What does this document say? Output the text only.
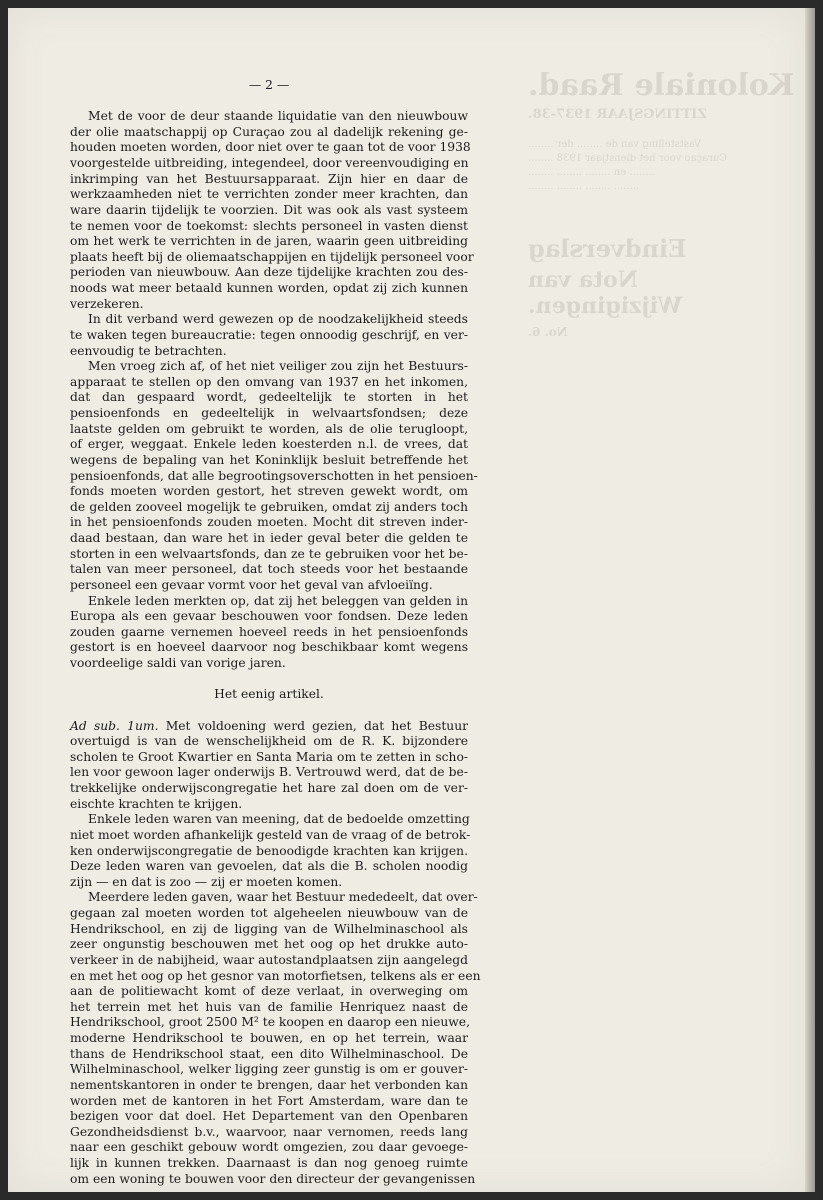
Koloniale Raad.
ZITTINGSJAAR 1937-38.
Vaststelling van de ........ der ........
Curaçao voor het dienstjaar 1938 ........
........ en ........ ........ ........
........ ........ ........ ........
Eindverslag
Nota van Wijzigingen.
No. 6.
— 2 —
Met de voor de deur staande liquidatie van den nieuwbouw
der olie maatschappij op Curaçao zou al dadelijk rekening ge-
houden moeten worden, door niet over te gaan tot de voor 1938
voorgestelde uitbreiding, integendeel, door vereenvoudiging en
inkrimping van het Bestuursapparaat. Zijn hier en daar de
werkzaamheden niet te verrichten zonder meer krachten, dan
ware daarin tijdelijk te voorzien. Dit was ook als vast systeem
te nemen voor de toekomst: slechts personeel in vasten dienst
om het werk te verrichten in de jaren, waarin geen uitbreiding
plaats heeft bij de oliemaatschappijen en tijdelijk personeel voor
perioden van nieuwbouw. Aan deze tijdelijke krachten zou des-
noods wat meer betaald kunnen worden, opdat zij zich kunnen
verzekeren.
In dit verband werd gewezen op de noodzakelijkheid steeds
te waken tegen bureaucratie: tegen onnoodig geschrijf, en ver-
eenvoudig te betrachten.
Men vroeg zich af, of het niet veiliger zou zijn het Bestuurs-
apparaat te stellen op den omvang van 1937 en het inkomen,
dat dan gespaard wordt, gedeeltelijk te storten in het
pensioenfonds en gedeeltelijk in welvaartsfondsen; deze
laatste gelden om gebruikt te worden, als de olie terugloopt,
of erger, weggaat. Enkele leden koesterden n.l. de vrees, dat
wegens de bepaling van het Koninklijk besluit betreffende het
pensioenfonds, dat alle begrootingsoverschotten in het pensioen-
fonds moeten worden gestort, het streven gewekt wordt, om
de gelden zooveel mogelijk te gebruiken, omdat zij anders toch
in het pensioenfonds zouden moeten. Mocht dit streven inder-
daad bestaan, dan ware het in ieder geval beter die gelden te
storten in een welvaartsfonds, dan ze te gebruiken voor het be-
talen van meer personeel, dat toch steeds voor het bestaande
personeel een gevaar vormt voor het geval van afvloeiïng.
Enkele leden merkten op, dat zij het beleggen van gelden in
Europa als een gevaar beschouwen voor fondsen. Deze leden
zouden gaarne vernemen hoeveel reeds in het pensioenfonds
gestort is en hoeveel daarvoor nog beschikbaar komt wegens
voordeelige saldi van vorige jaren.
Het eenig artikel.
Ad sub. 1um. Met voldoening werd gezien, dat het Bestuur
overtuigd is van de wenschelijkheid om de R. K. bijzondere
scholen te Groot Kwartier en Santa Maria om te zetten in scho-
len voor gewoon lager onderwijs B. Vertrouwd werd, dat de be-
trekkelijke onderwijscongregatie het hare zal doen om de ver-
eischte krachten te krijgen.
Enkele leden waren van meening, dat de bedoelde omzetting
niet moet worden afhankelijk gesteld van de vraag of de betrok-
ken onderwijscongregatie de benoodigde krachten kan krijgen.
Deze leden waren van gevoelen, dat als die B. scholen noodig
zijn — en dat is zoo — zij er moeten komen.
Meerdere leden gaven, waar het Bestuur mededeelt, dat over-
gegaan zal moeten worden tot algeheelen nieuwbouw van de
Hendrikschool, en zij de ligging van de Wilhelminaschool als
zeer ongunstig beschouwen met het oog op het drukke auto-
verkeer in de nabijheid, waar autostandplaatsen zijn aangelegd
en met het oog op het gesnor van motorfietsen, telkens als er een
aan de politiewacht komt of deze verlaat, in overweging om
het terrein met het huis van de familie Henriquez naast de
Hendrikschool, groot 2500 M² te koopen en daarop een nieuwe,
moderne Hendrikschool te bouwen, en op het terrein, waar
thans de Hendrikschool staat, een dito Wilhelminaschool. De
Wilhelminaschool, welker ligging zeer gunstig is om er gouver-
nementskantoren in onder te brengen, daar het verbonden kan
worden met de kantoren in het Fort Amsterdam, ware dan te
bezigen voor dat doel. Het Departement van den Openbaren
Gezondheidsdienst b.v., waarvoor, naar vernomen, reeds lang
naar een geschikt gebouw wordt omgezien, zou daar gevoege-
lijk in kunnen trekken. Daarnaast is dan nog genoeg ruimte
om een woning te bouwen voor den directeur der gevangenissen
